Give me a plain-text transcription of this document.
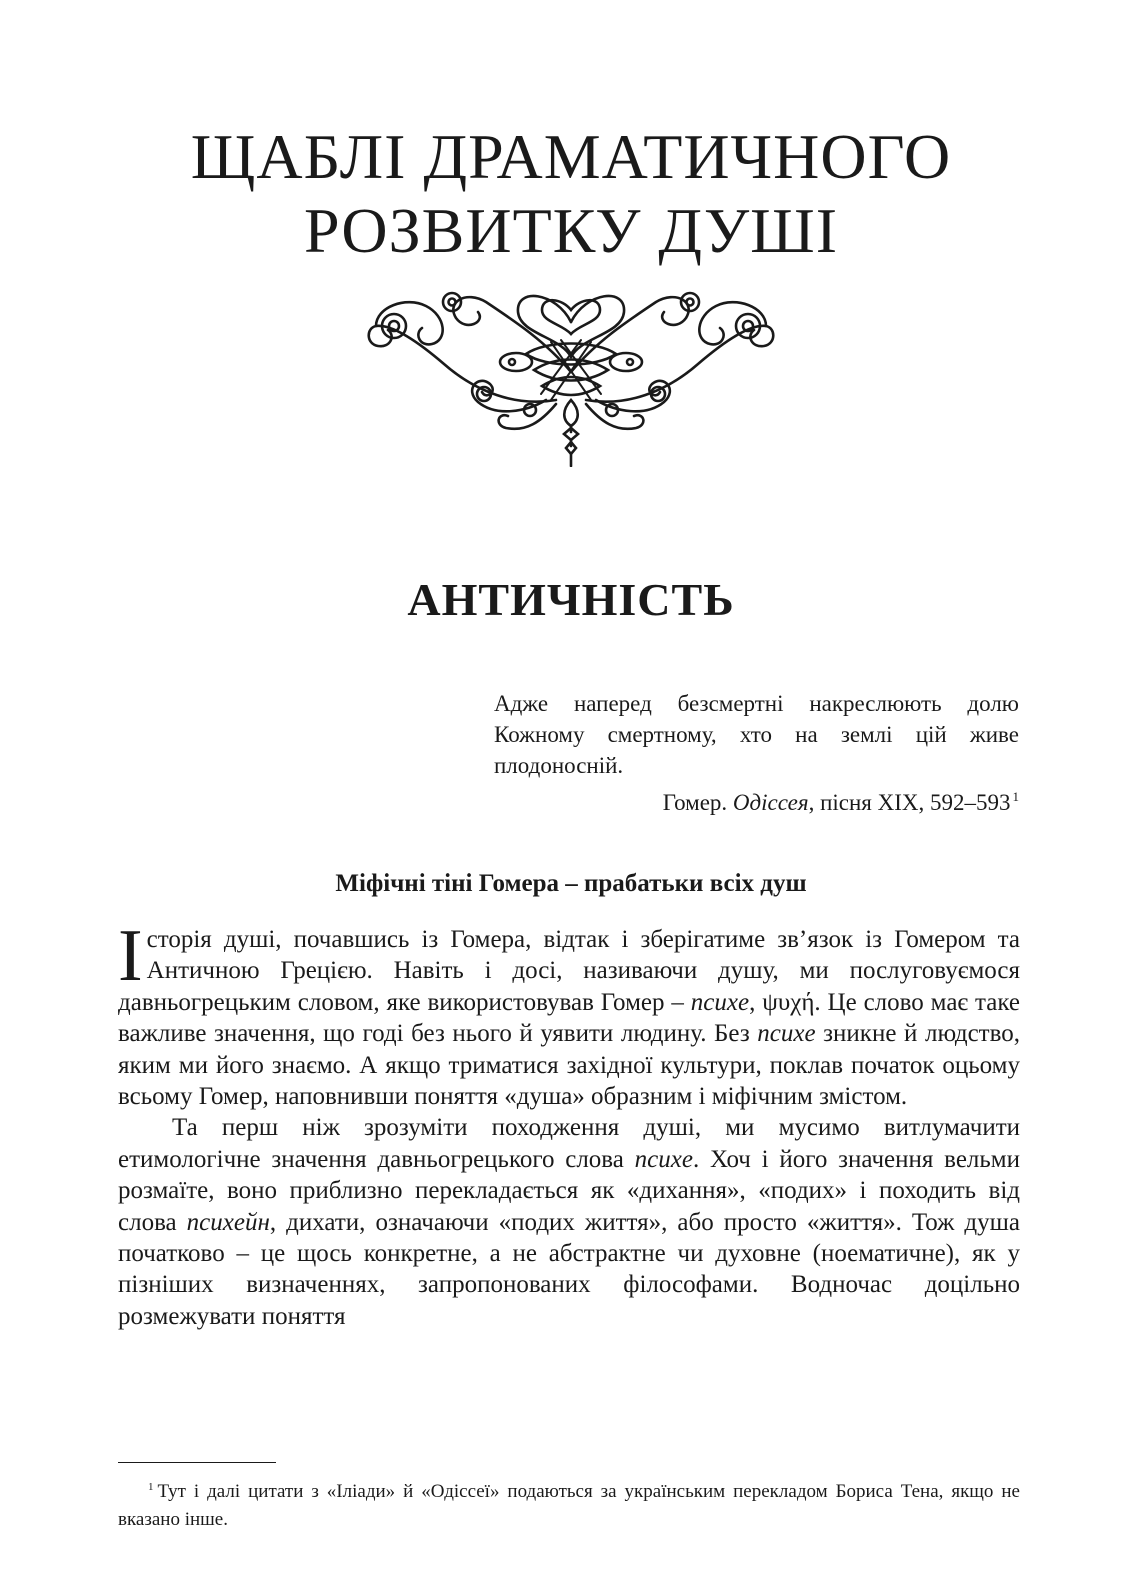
ЩАБЛІ ДРАМАТИЧНОГО
РОЗВИТКУ ДУШІ
АНТИЧНІСТЬ
Адже наперед безсмертні накреслюють долю
Кожному смертному, хто на землі цій живе
плодоносній.
Гомер. Одіссея, пісня XIX, 592–593 $^1$
Міфічні тіні Гомера – прабатьки всіх душ

Історія душі, почавшись із Гомера, відтак і зберігатиме зв’язок із Гомером та Античною Грецією. Навіть і досі, називаючи душу, ми послуговуємося давньогрецьким словом, яке використовував Гомер – психе, ψυχή. Це слово має таке важливе значення, що годі без нього й уявити людину. Без психе зникне й людство, яким ми його знаємо. А якщо триматися західної культури, поклав початок оцьому всьому Гомер, наповнивши поняття «душа» образним і міфічним змістом.

Та перш ніж зрозуміти походження душі, ми мусимо витлумачити етимологічне значення давньогрецького слова психе. Хоч і його значення вельми розмаїте, воно приблизно перекладається як «дихання», «подих» і походить від слова психейн, дихати, означаючи «подих життя», або просто «життя». Тож душа початково – це щось конкретне, а не абстрактне чи духовне (ноематичне), як у пізніших визначеннях, запропонованих філософами. Водночас доцільно розмежувати поняття

$^1$ Тут і далі цитати з «Іліади» й «Одіссеї» подаються за українським перекладом Бориса Тена, якщо не вказано інше.
